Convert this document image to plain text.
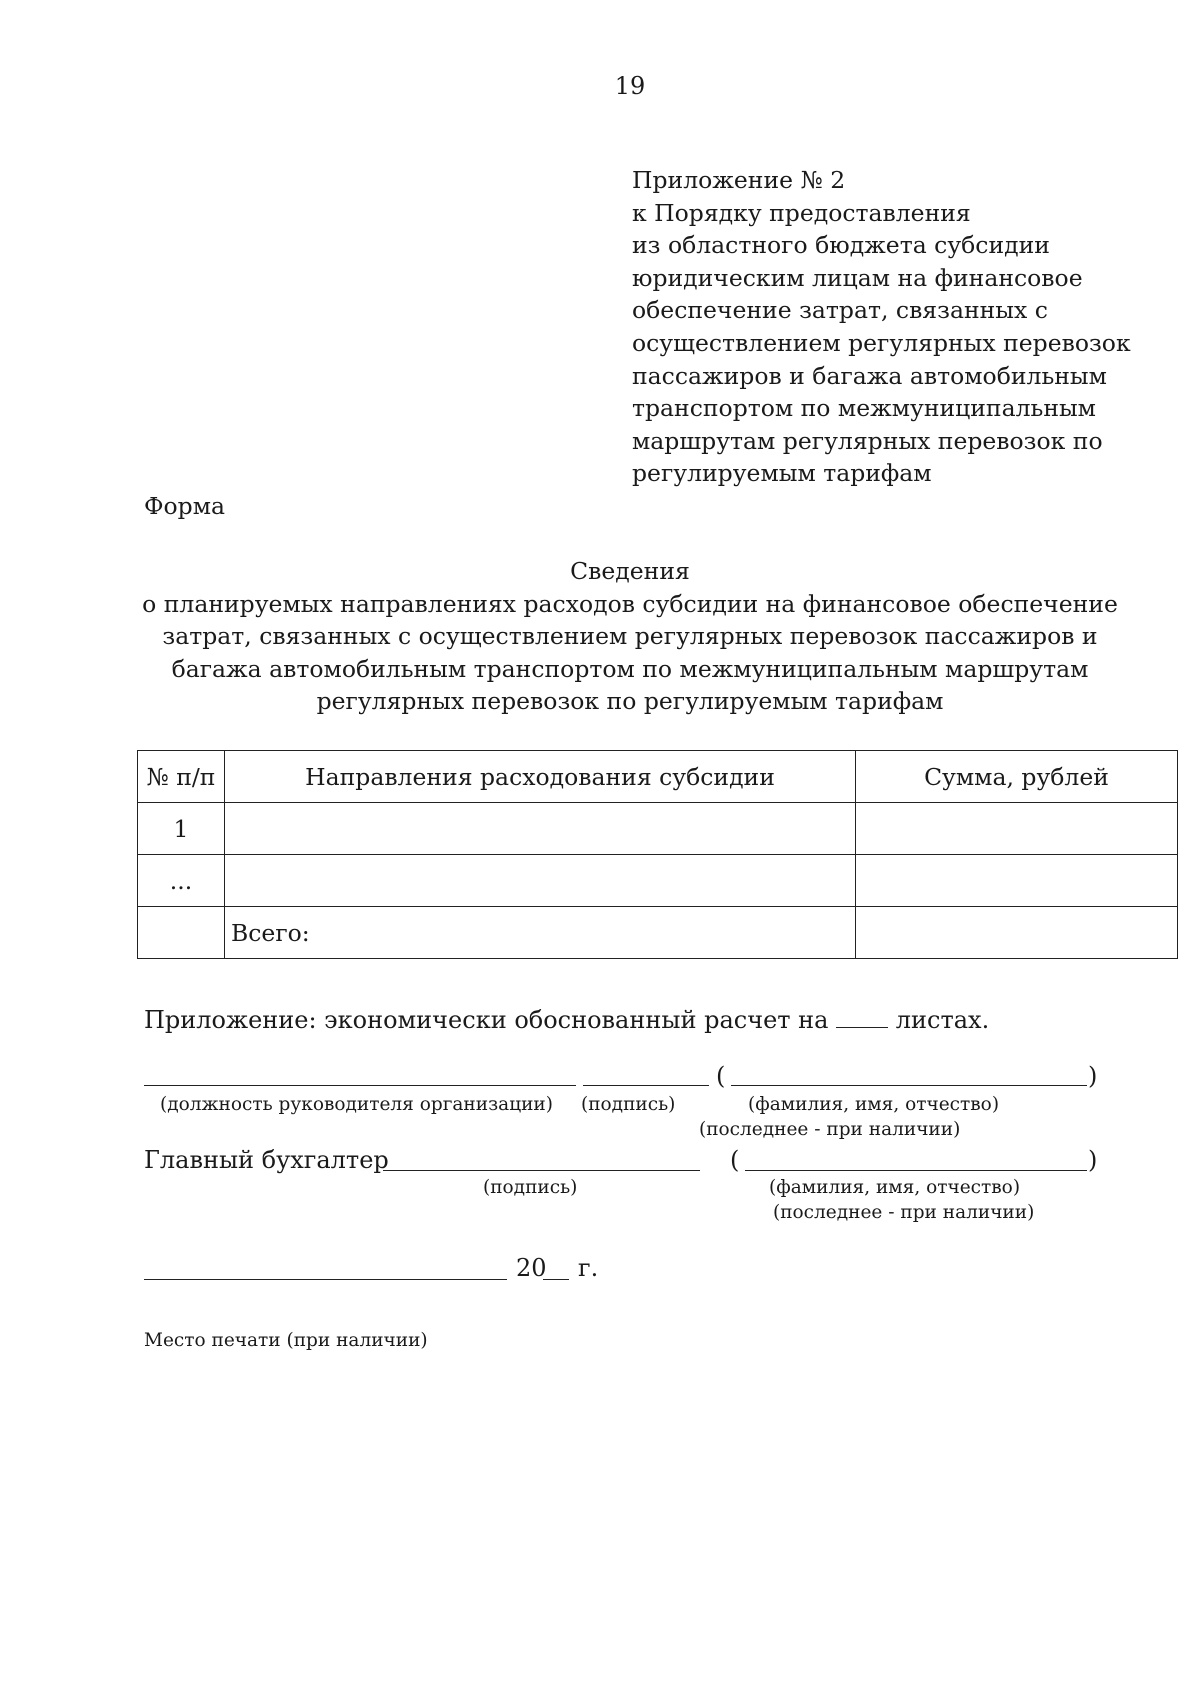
19
Приложение № 2
к Порядку предоставления
из областного бюджета субсидии
юридическим лицам на финансовое
обеспечение затрат, связанных с
осуществлением регулярных перевозок
пассажиров и багажа автомобильным
транспортом по межмуниципальным
маршрутам регулярных перевозок по
регулируемым тарифам
Форма
Сведения
о планируемых направлениях расходов субсидии на финансовое обеспечение
затрат, связанных с осуществлением регулярных перевозок пассажиров и
багажа автомобильным транспортом по межмуниципальным маршрутам
регулярных перевозок по регулируемым тарифам
№ п/п	Направления расходования субсидии	Сумма, рублей
1		
...		
	Всего:	
Приложение: экономически обоснованный расчет на	листах.
(	)
(должность руководителя организации) (подпись)	(фамилия, имя, отчество)
(последнее - при наличии)
Главный бухгалтер	(	)
(подпись)	(фамилия, имя, отчество)
(последнее - при наличии)
20 г.
Место печати (при наличии)
